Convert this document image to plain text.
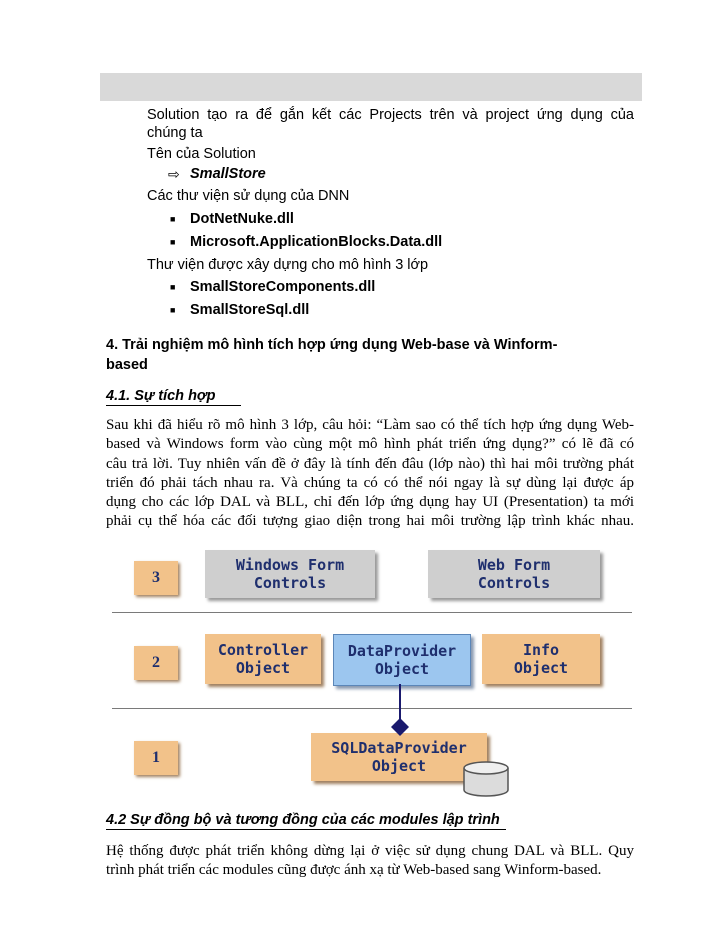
Solution tạo ra để gắn kết các Projects trên và project ứng dụng của
chúng ta
Tên của Solution
⇨ SmallStore
Các thư viện sử dụng của DNN
■ DotNetNuke.dll
■ Microsoft.ApplicationBlocks.Data.dll
Thư viện được xây dựng cho mô hình 3 lớp
■ SmallStoreComponents.dll
■ SmallStoreSql.dll
4. Trải nghiệm mô hình tích hợp ứng dụng Web-base và Winform-
based
4.1. Sự tích hợp
Sau khi đã hiểu rõ mô hình 3 lớp, câu hỏi: “Làm sao có thể tích hợp ứng dụng Web-
based và Windows form vào cùng một mô hình phát triển ứng dụng?” có lẽ đã có
câu trả lời. Tuy nhiên vấn đề ở đây là tính đến đâu (lớp nào) thì hai môi trường phát
triển đó phải tách nhau ra. Và chúng ta có có thể nói ngay là sự dùng lại được áp
dụng cho các lớp DAL và BLL, chỉ đến lớp ứng dụng hay UI (Presentation) ta mới
phải cụ thể hóa các đối tượng giao diện trong hai môi trường lập trình khác nhau.
3
Windows Form
Controls
Web Form
Controls
2
Controller
Object
DataProvider
Object
Info
Object
1
SQLDataProvider
Object
4.2 Sự đồng bộ và tương đồng của các modules lập trình
Hệ thống được phát triển không dừng lại ở việc sử dụng chung DAL và BLL. Quy
trình phát triển các modules cũng được ánh xạ từ Web-based sang Winform-based.
